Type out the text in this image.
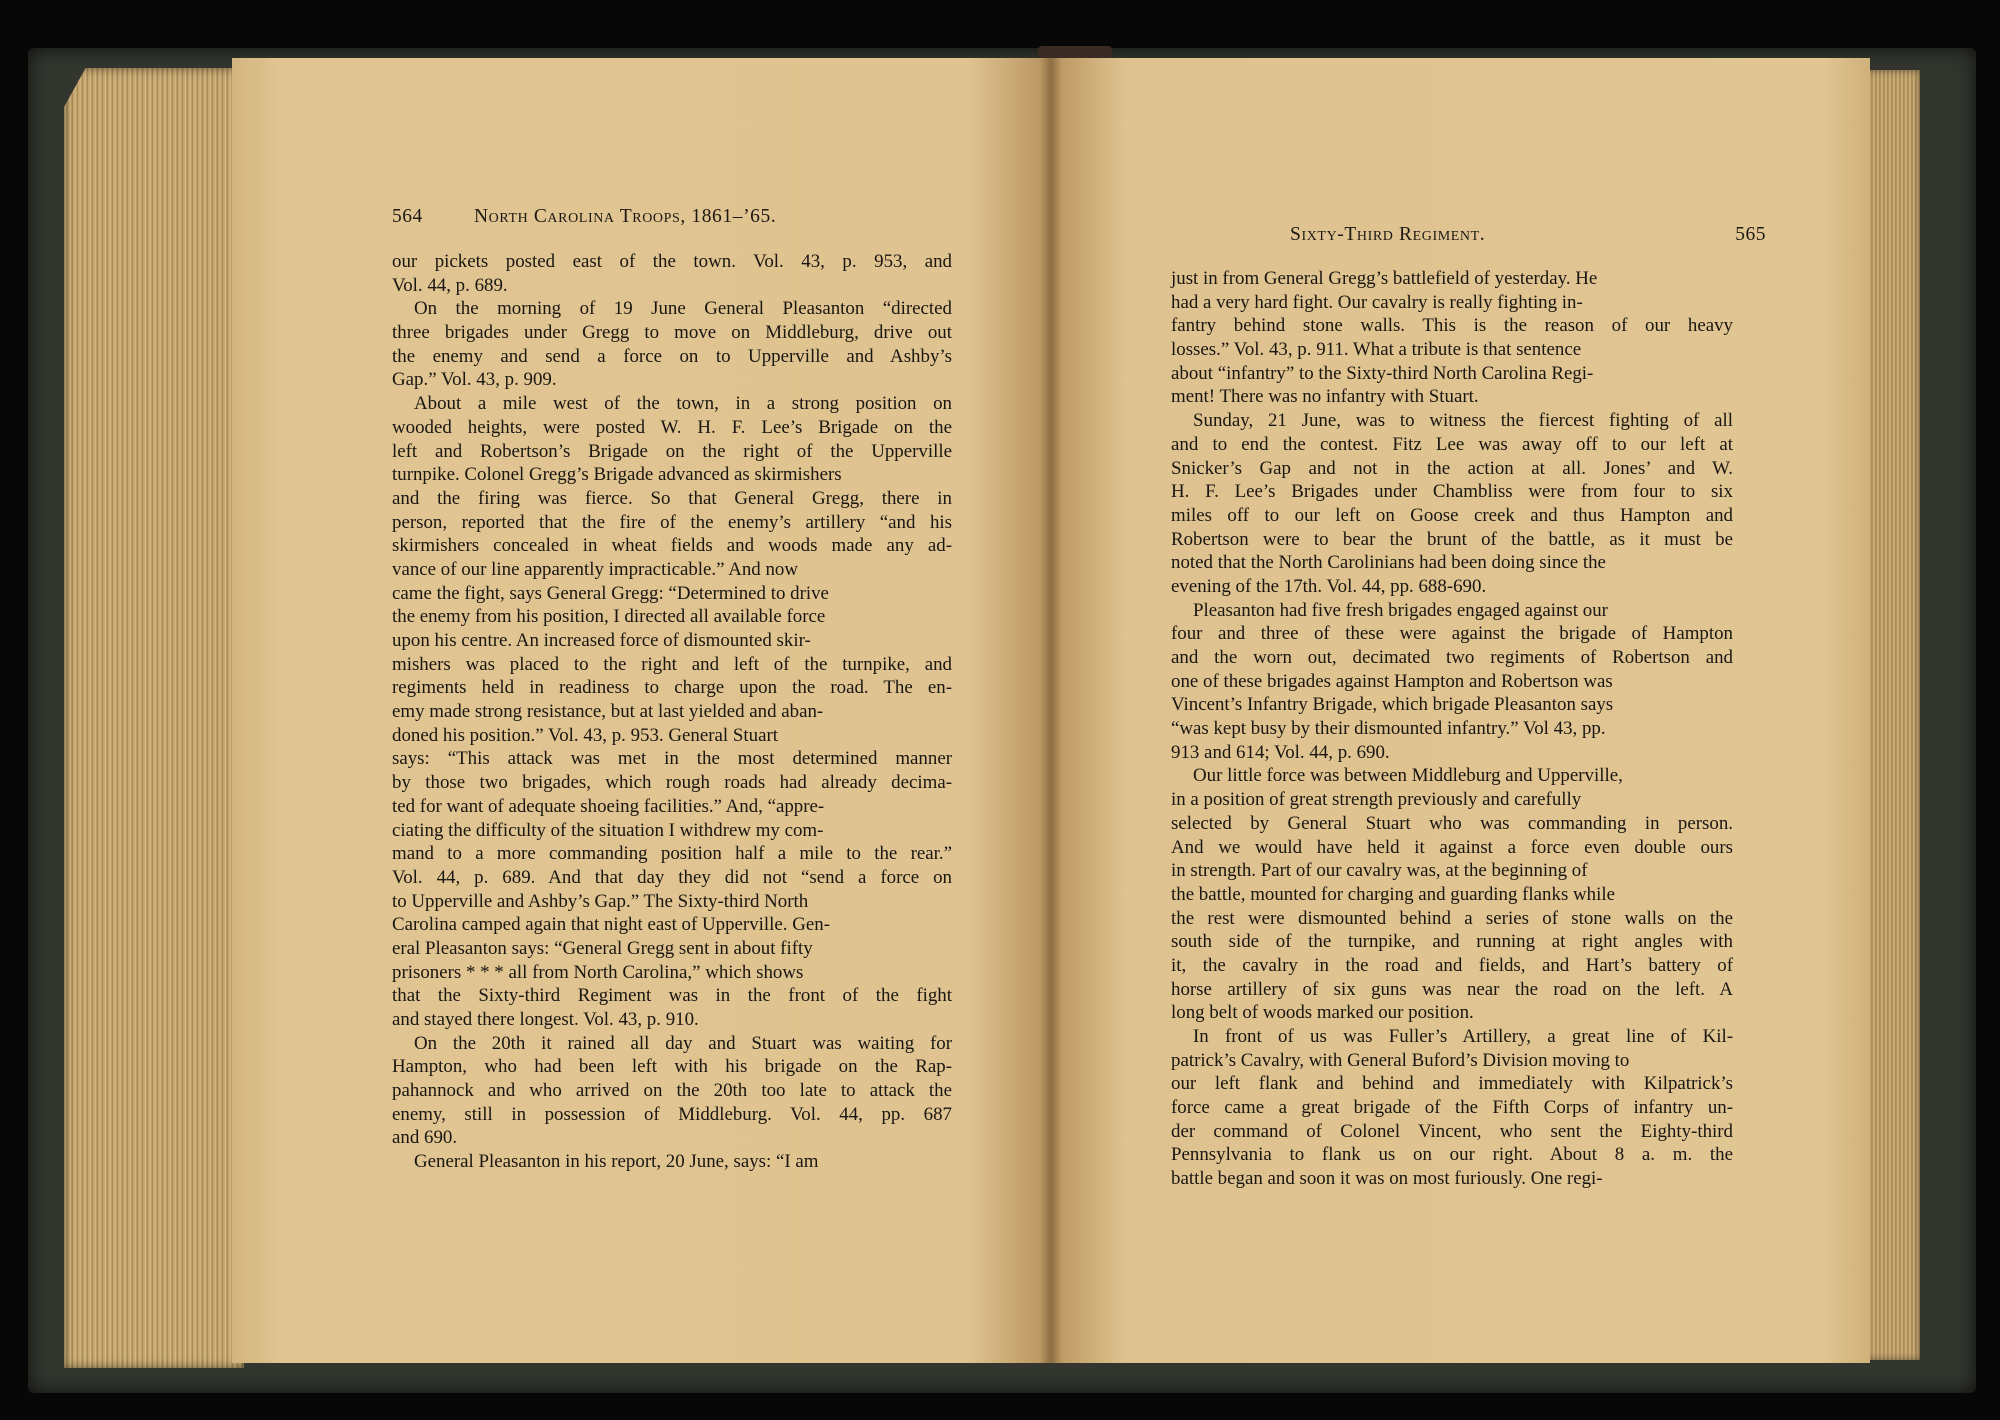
564	North Carolina Troops, 1861–’65.
our pickets posted east of the town. Vol. 43, p. 953, and
Vol. 44, p. 689.
On the morning of 19 June General Pleasanton “directed
three brigades under Gregg to move on Middleburg, drive out
the enemy and send a force on to Upperville and Ashby’s
Gap.” Vol. 43, p. 909.
About a mile west of the town, in a strong position on
wooded heights, were posted W. H. F. Lee’s Brigade on the
left and Robertson’s Brigade on the right of the Upperville
turnpike. Colonel Gregg’s Brigade advanced as skirmishers
and the firing was fierce. So that General Gregg, there in
person, reported that the fire of the enemy’s artillery “and his
skirmishers concealed in wheat fields and woods made any ad-
vance of our line apparently impracticable.” And now
came the fight, says General Gregg: “Determined to drive
the enemy from his position, I directed all available force
upon his centre. An increased force of dismounted skir-
mishers was placed to the right and left of the turnpike, and
regiments held in readiness to charge upon the road. The en-
emy made strong resistance, but at last yielded and aban-
doned his position.” Vol. 43, p. 953. General Stuart
says: “This attack was met in the most determined manner
by those two brigades, which rough roads had already decima-
ted for want of adequate shoeing facilities.” And, “appre-
ciating the difficulty of the situation I withdrew my com-
mand to a more commanding position half a mile to the rear.”
Vol. 44, p. 689. And that day they did not “send a force on
to Upperville and Ashby’s Gap.” The Sixty-third North
Carolina camped again that night east of Upperville. Gen-
eral Pleasanton says: “General Gregg sent in about fifty
prisoners * * * all from North Carolina,” which shows
that the Sixty-third Regiment was in the front of the fight
and stayed there longest. Vol. 43, p. 910.
On the 20th it rained all day and Stuart was waiting for
Hampton, who had been left with his brigade on the Rap-
pahannock and who arrived on the 20th too late to attack the
enemy, still in possession of Middleburg. Vol. 44, pp. 687
and 690.
General Pleasanton in his report, 20 June, says: “I am
Sixty-Third Regiment.	565
just in from General Gregg’s battlefield of yesterday. He
had a very hard fight. Our cavalry is really fighting in-
fantry behind stone walls. This is the reason of our heavy
losses.” Vol. 43, p. 911. What a tribute is that sentence
about “infantry” to the Sixty-third North Carolina Regi-
ment! There was no infantry with Stuart.
Sunday, 21 June, was to witness the fiercest fighting of all
and to end the contest. Fitz Lee was away off to our left at
Snicker’s Gap and not in the action at all. Jones’ and W.
H. F. Lee’s Brigades under Chambliss were from four to six
miles off to our left on Goose creek and thus Hampton and
Robertson were to bear the brunt of the battle, as it must be
noted that the North Carolinians had been doing since the
evening of the 17th. Vol. 44, pp. 688-690.
Pleasanton had five fresh brigades engaged against our
four and three of these were against the brigade of Hampton
and the worn out, decimated two regiments of Robertson and
one of these brigades against Hampton and Robertson was
Vincent’s Infantry Brigade, which brigade Pleasanton says
“was kept busy by their dismounted infantry.” Vol 43, pp.
913 and 614; Vol. 44, p. 690.
Our little force was between Middleburg and Upperville,
in a position of great strength previously and carefully
selected by General Stuart who was commanding in person.
And we would have held it against a force even double ours
in strength. Part of our cavalry was, at the beginning of
the battle, mounted for charging and guarding flanks while
the rest were dismounted behind a series of stone walls on the
south side of the turnpike, and running at right angles with
it, the cavalry in the road and fields, and Hart’s battery of
horse artillery of six guns was near the road on the left. A
long belt of woods marked our position.
In front of us was Fuller’s Artillery, a great line of Kil-
patrick’s Cavalry, with General Buford’s Division moving to
our left flank and behind and immediately with Kilpatrick’s
force came a great brigade of the Fifth Corps of infantry un-
der command of Colonel Vincent, who sent the Eighty-third
Pennsylvania to flank us on our right. About 8 a. m. the
battle began and soon it was on most furiously. One regi-
